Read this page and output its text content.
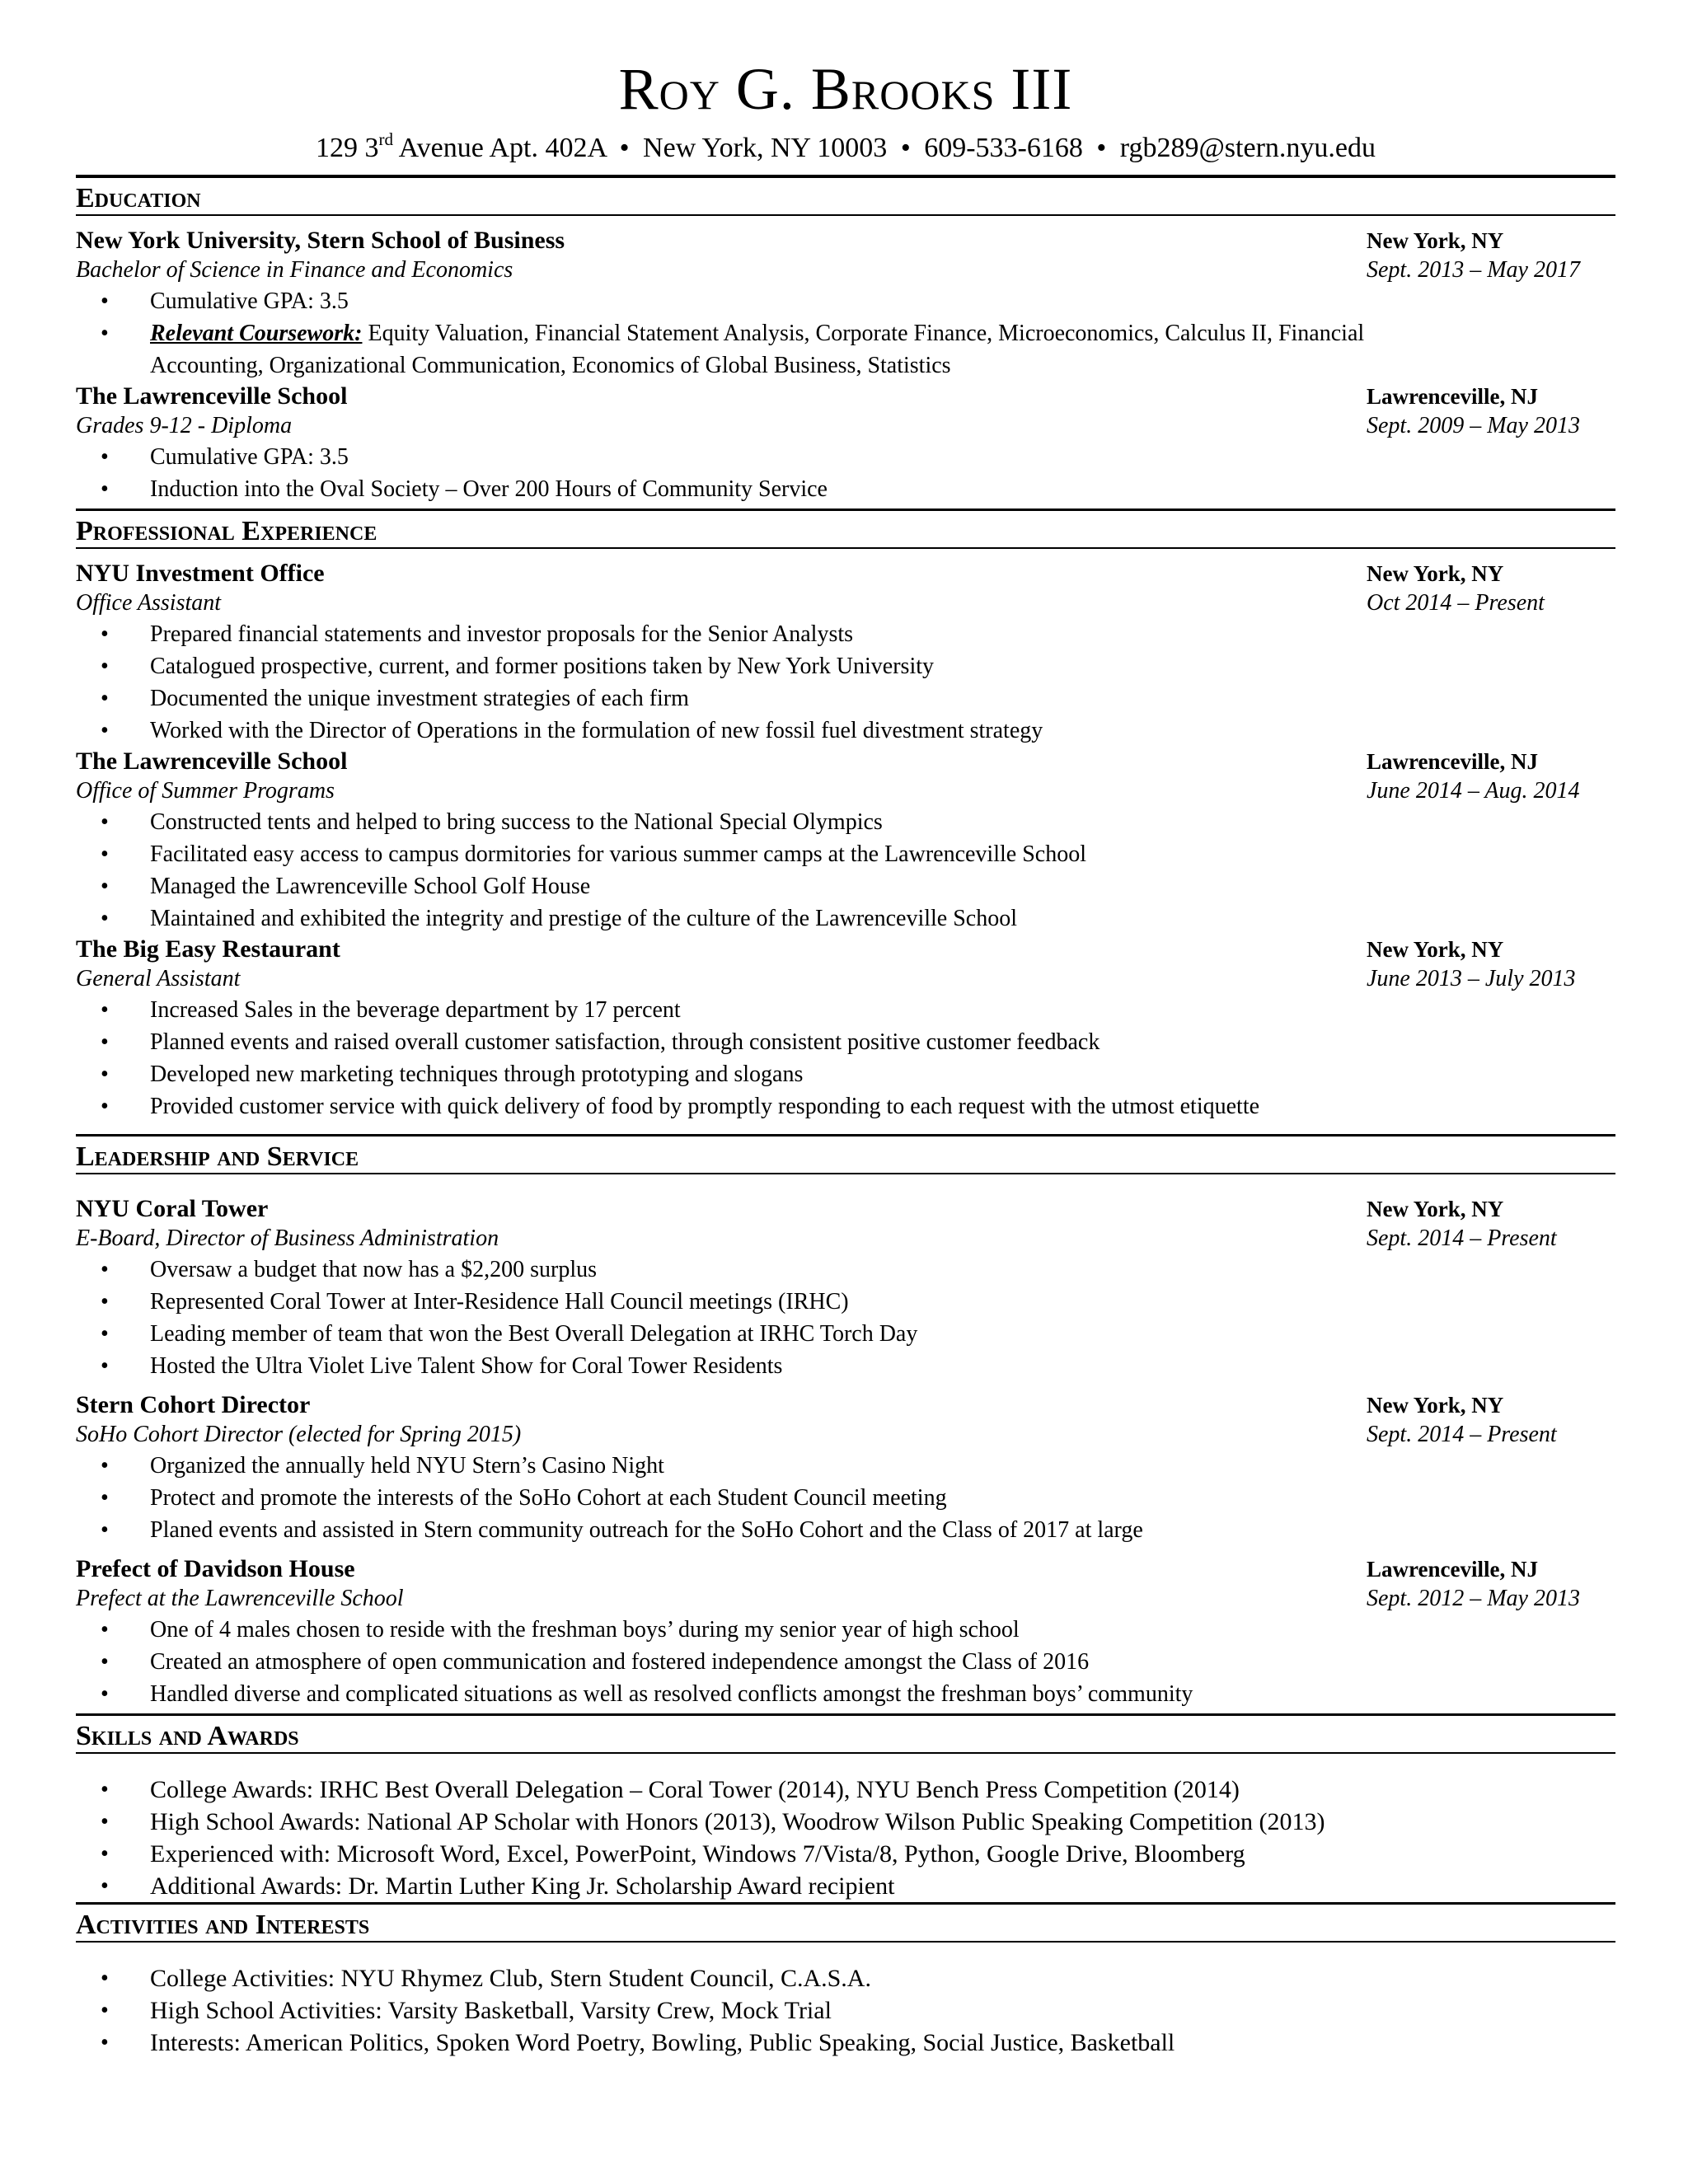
Roy G. Brooks III
129 3rd Avenue Apt. 402A • New York, NY 10003 • 609-533-6168 • rgb289@stern.nyu.edu
Education
New York University, Stern School of Business	New York, NY
Bachelor of Science in Finance and Economics	Sept. 2013 – May 2017
• Cumulative GPA: 3.5
• Relevant Coursework: Equity Valuation, Financial Statement Analysis, Corporate Finance, Microeconomics, Calculus II, Financial Accounting, Organizational Communication, Economics of Global Business, Statistics
The Lawrenceville School	Lawrenceville, NJ
Grades 9-12 - Diploma	Sept. 2009 – May 2013
• Cumulative GPA: 3.5
• Induction into the Oval Society – Over 200 Hours of Community Service
Professional Experience
NYU Investment Office	New York, NY
Office Assistant	Oct 2014 – Present
• Prepared financial statements and investor proposals for the Senior Analysts
• Catalogued prospective, current, and former positions taken by New York University
• Documented the unique investment strategies of each firm
• Worked with the Director of Operations in the formulation of new fossil fuel divestment strategy
The Lawrenceville School	Lawrenceville, NJ
Office of Summer Programs	June 2014 – Aug. 2014
• Constructed tents and helped to bring success to the National Special Olympics
• Facilitated easy access to campus dormitories for various summer camps at the Lawrenceville School
• Managed the Lawrenceville School Golf House
• Maintained and exhibited the integrity and prestige of the culture of the Lawrenceville School
The Big Easy Restaurant	New York, NY
General Assistant	June 2013 – July 2013
• Increased Sales in the beverage department by 17 percent
• Planned events and raised overall customer satisfaction, through consistent positive customer feedback
• Developed new marketing techniques through prototyping and slogans
• Provided customer service with quick delivery of food by promptly responding to each request with the utmost etiquette
Leadership and Service
NYU Coral Tower	New York, NY
E-Board, Director of Business Administration	Sept. 2014 – Present
• Oversaw a budget that now has a $2,200 surplus
• Represented Coral Tower at Inter-Residence Hall Council meetings (IRHC)
• Leading member of team that won the Best Overall Delegation at IRHC Torch Day
• Hosted the Ultra Violet Live Talent Show for Coral Tower Residents
Stern Cohort Director	New York, NY
SoHo Cohort Director (elected for Spring 2015)	Sept. 2014 – Present
• Organized the annually held NYU Stern’s Casino Night
• Protect and promote the interests of the SoHo Cohort at each Student Council meeting
• Planed events and assisted in Stern community outreach for the SoHo Cohort and the Class of 2017 at large
Prefect of Davidson House	Lawrenceville, NJ
Prefect at the Lawrenceville School	Sept. 2012 – May 2013
• One of 4 males chosen to reside with the freshman boys’ during my senior year of high school
• Created an atmosphere of open communication and fostered independence amongst the Class of 2016
• Handled diverse and complicated situations as well as resolved conflicts amongst the freshman boys’ community
Skills and Awards
• College Awards: IRHC Best Overall Delegation – Coral Tower (2014), NYU Bench Press Competition (2014)
• High School Awards: National AP Scholar with Honors (2013), Woodrow Wilson Public Speaking Competition (2013)
• Experienced with: Microsoft Word, Excel, PowerPoint, Windows 7/Vista/8, Python, Google Drive, Bloomberg
• Additional Awards: Dr. Martin Luther King Jr. Scholarship Award recipient
Activities and Interests
• College Activities: NYU Rhymez Club, Stern Student Council, C.A.S.A.
• High School Activities: Varsity Basketball, Varsity Crew, Mock Trial
• Interests: American Politics, Spoken Word Poetry, Bowling, Public Speaking, Social Justice, Basketball
